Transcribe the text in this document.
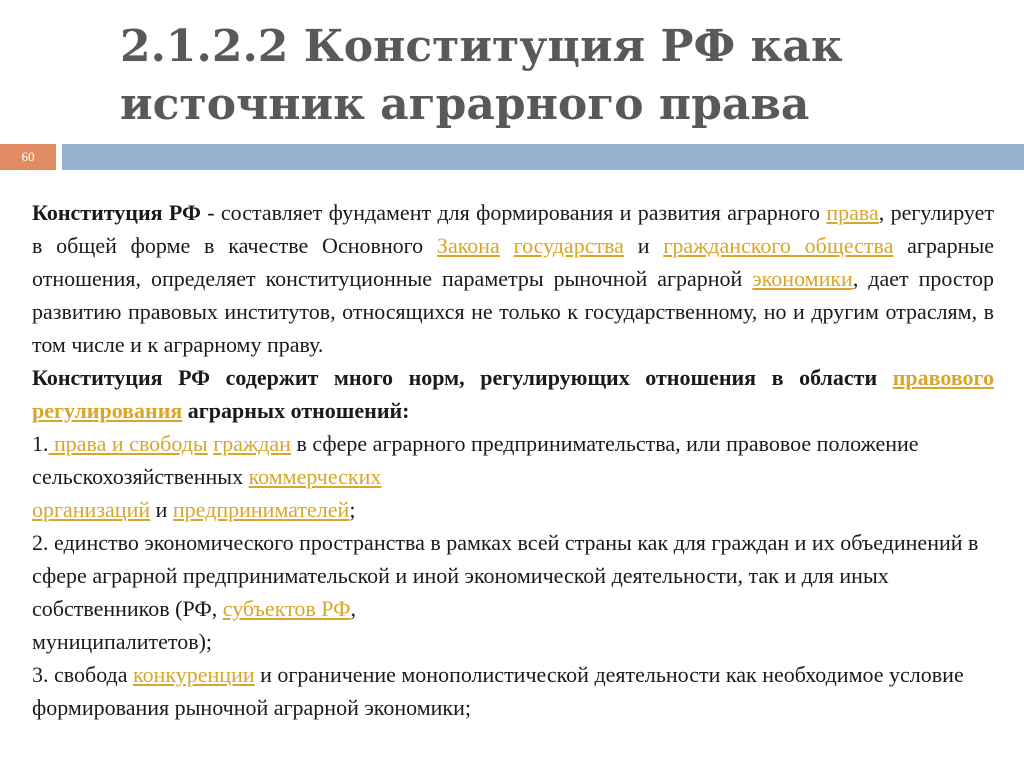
2.1.2.2 Конституция РФ как
источник аграрного права
60

Конституция РФ - составляет фундамент для формирования и развития аграрного права, регулирует в общей форме в качестве Основного Закона государства и гражданского общества аграрные отношения, определяет конституционные параметры рыночной аграрной экономики, дает простор развитию правовых институтов, относящихся не только к государственному, но и другим отраслям, в том числе и к аграрному праву.

Конституция РФ содержит много норм, регулирующих отношения в области правового регулирования аграрных отношений:

1. права и свободы граждан в сфере аграрного предпринимательства, или правовое положение сельскохозяйственных коммерческих
организаций и предпринимателей;

2. единство экономического пространства в рамках всей страны как для граждан и их объединений в сфере аграрной предпринимательской и иной экономической деятельности, так и для иных собственников (РФ, субъектов РФ,
муниципалитетов);

3. свобода конкуренции и ограничение монополистической деятельности как необходимое условие формирования рыночной аграрной экономики;
